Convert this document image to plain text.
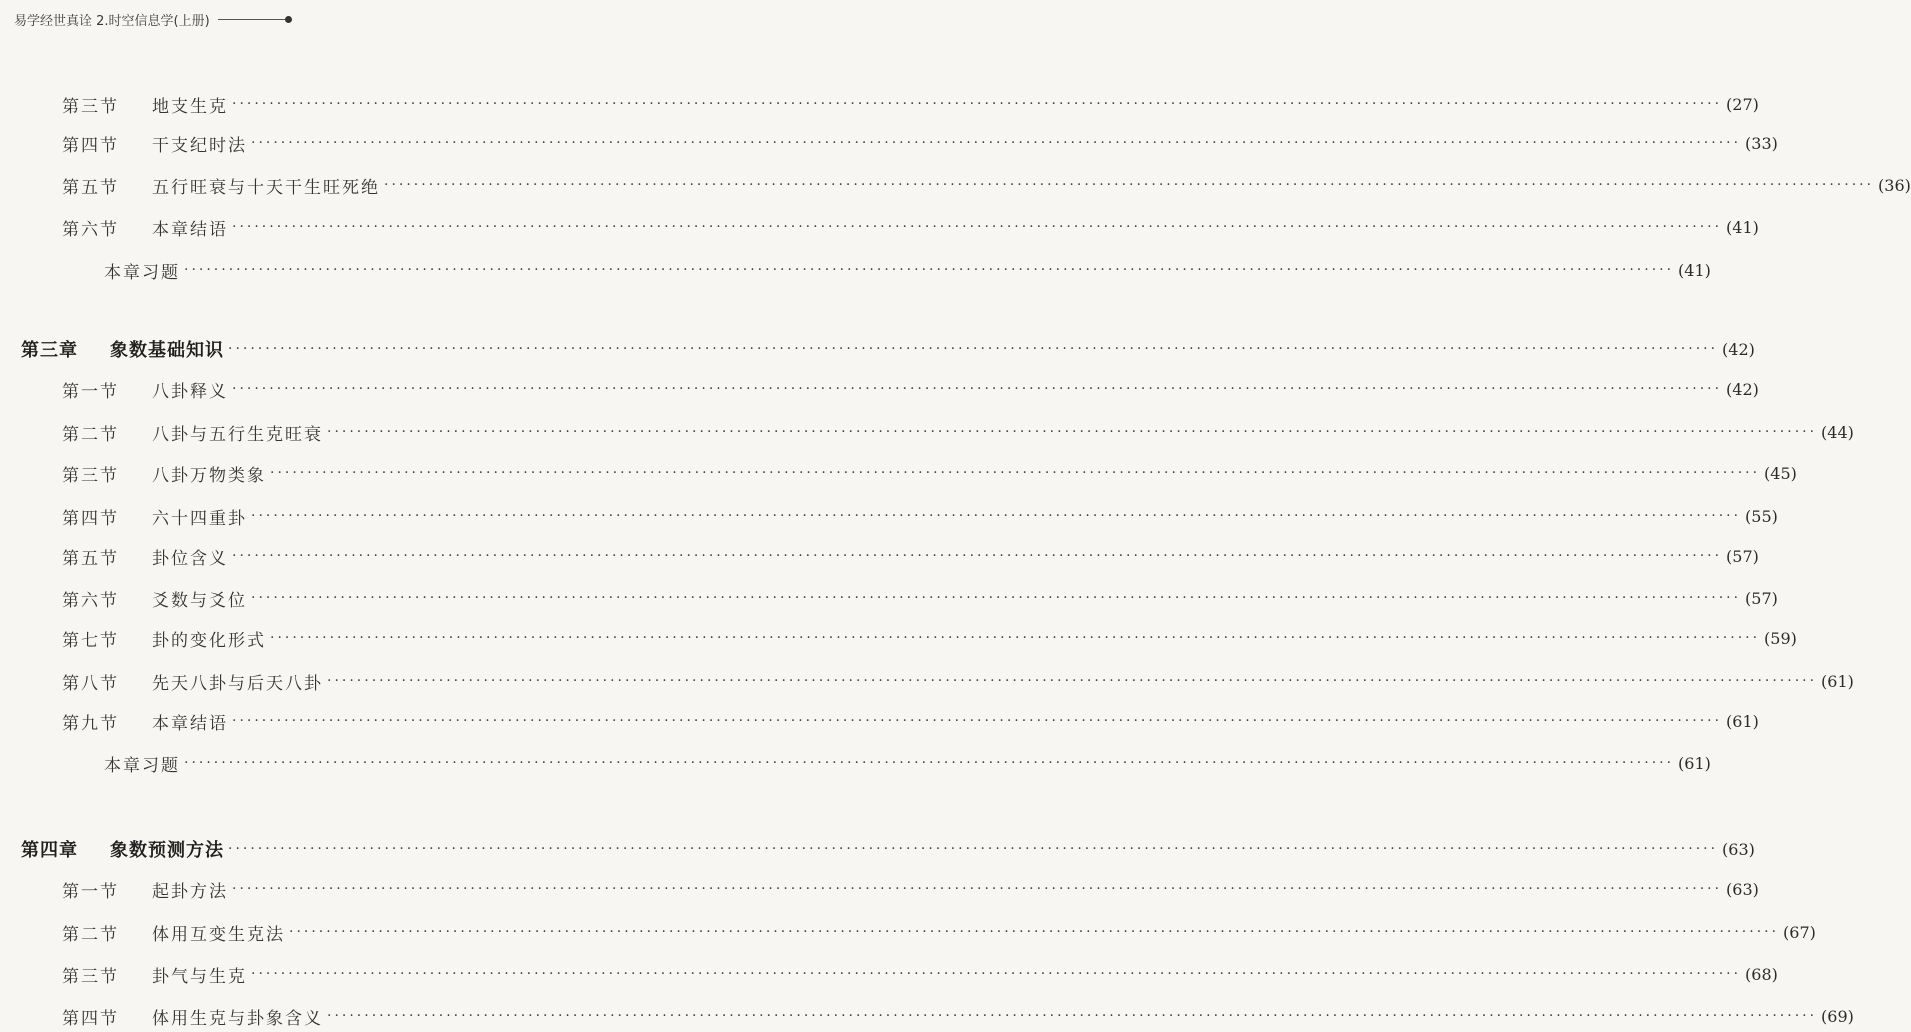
易学经世真诠 2.时空信息学(上册)
第三节	地支生克 ········································································································································································································ (27)
第四节	干支纪时法 ········································································································································································································ (33)
第五节	五行旺衰与十天干生旺死绝 ········································································································································································································ (36)
第六节	本章结语 ········································································································································································································ (41)
本章习题 ········································································································································································································ (41)
第三章	象数基础知识 ········································································································································································································ (42)
第一节	八卦释义 ········································································································································································································ (42)
第二节	八卦与五行生克旺衰 ········································································································································································································ (44)
第三节	八卦万物类象 ········································································································································································································ (45)
第四节	六十四重卦 ········································································································································································································ (55)
第五节	卦位含义 ········································································································································································································ (57)
第六节	爻数与爻位 ········································································································································································································ (57)
第七节	卦的变化形式 ········································································································································································································ (59)
第八节	先天八卦与后天八卦 ········································································································································································································ (61)
第九节	本章结语 ········································································································································································································ (61)
本章习题 ········································································································································································································ (61)
第四章	象数预测方法 ········································································································································································································ (63)
第一节	起卦方法 ········································································································································································································ (63)
第二节	体用互变生克法 ········································································································································································································ (67)
第三节	卦气与生克 ········································································································································································································ (68)
第四节	体用生克与卦象含义 ········································································································································································································ (69)
